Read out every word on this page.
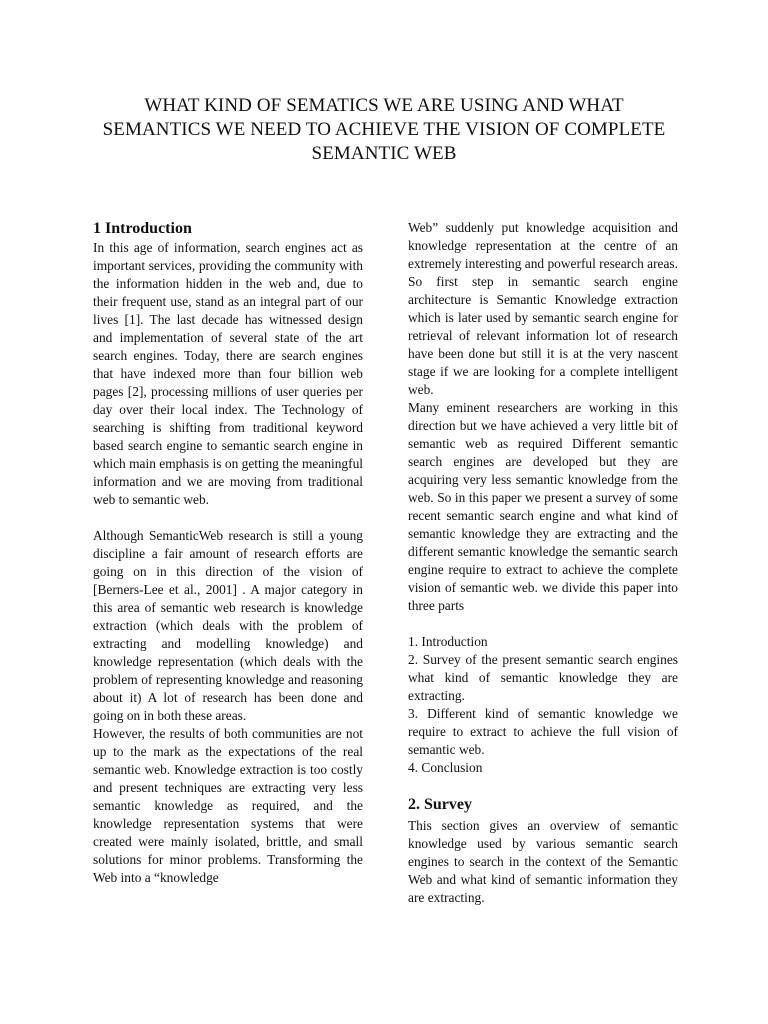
WHAT KIND OF SEMATICS WE ARE USING AND WHAT SEMANTICS WE NEED TO ACHIEVE THE VISION OF COMPLETE SEMANTIC WEB
1 Introduction

In this age of information, search engines act as important services, providing the community with the information hidden in the web and, due to their frequent use, stand as an integral part of our lives [1]. The last decade has witnessed design and implementation of several state of the art search engines. Today, there are search engines that have indexed more than four billion web pages [2], processing millions of user queries per day over their local index. The Technology of searching is shifting from traditional keyword based search engine to semantic search engine in which main emphasis is on getting the meaningful information and we are moving from traditional web to semantic web.

Although SemanticWeb research is still a young discipline a fair amount of research efforts are going on in this direction of the vision of [Berners-Lee et al., 2001] . A major category in this area of semantic web research is knowledge extraction (which deals with the problem of extracting and modelling knowledge) and knowledge representation (which deals with the problem of representing knowledge and reasoning about it) A lot of research has been done and going on in both these areas.

However, the results of both communities are not up to the mark as the expectations of the real semantic web. Knowledge extraction is too costly and present techniques are extracting very less semantic knowledge as required, and the knowledge representation systems that were created were mainly isolated, brittle, and small solutions for minor problems. Transforming the Web into a “knowledge

Web” suddenly put knowledge acquisition and knowledge representation at the centre of an extremely interesting and powerful research areas. So first step in semantic search engine architecture is Semantic Knowledge extraction which is later used by semantic search engine for retrieval of relevant information lot of research have been done but still it is at the very nascent stage if we are looking for a complete intelligent web.

Many eminent researchers are working in this direction but we have achieved a very little bit of semantic web as required Different semantic search engines are developed but they are acquiring very less semantic knowledge from the web. So in this paper we present a survey of some recent semantic search engine and what kind of semantic knowledge they are extracting and the different semantic knowledge the semantic search engine require to extract to achieve the complete vision of semantic web. we divide this paper into three parts

1. Introduction
2. Survey of the present semantic search engines what kind of semantic knowledge they are extracting.
3. Different kind of semantic knowledge we require to extract to achieve the full vision of semantic web.
4. Conclusion
2. Survey

This section gives an overview of semantic knowledge used by various semantic search engines to search in the context of the Semantic Web and what kind of semantic information they are extracting.
